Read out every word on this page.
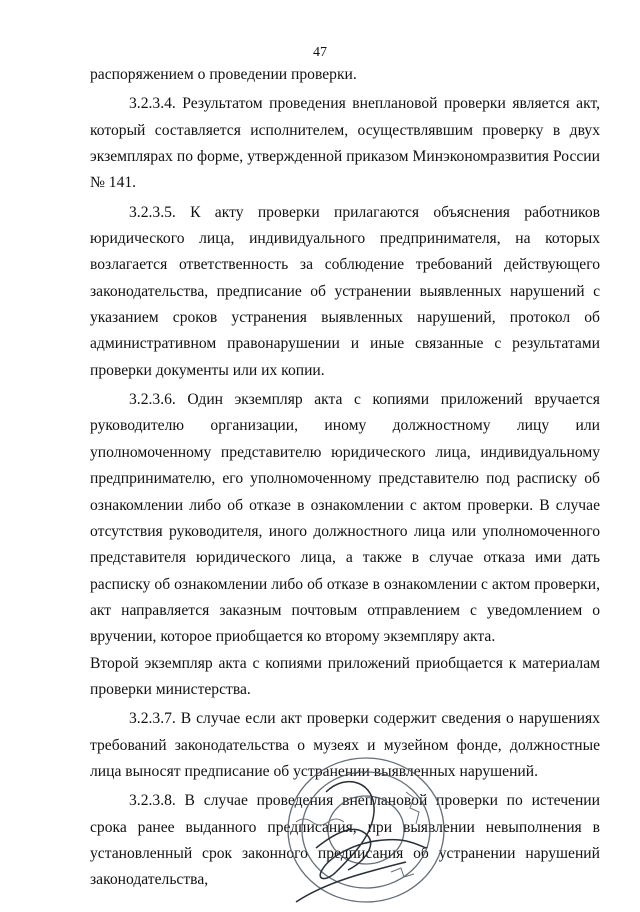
47

распоряжением о проведении проверки.

3.2.3.4. Результатом проведения внеплановой проверки является акт, который составляется исполнителем, осуществлявшим проверку в двух экземплярах по форме, утвержденной приказом Минэкономразвития России № 141.

3.2.3.5. К акту проверки прилагаются объяснения работников юридического лица, индивидуального предпринимателя, на которых возлагается ответственность за соблюдение требований действующего законодательства, предписание об устранении выявленных нарушений с указанием сроков устранения выявленных нарушений, протокол об административном правонарушении и иные связанные с результатами проверки документы или их копии.

3.2.3.6. Один экземпляр акта с копиями приложений вручается руководителю организации, иному должностному лицу или уполномоченному представителю юридического лица, индивидуальному предпринимателю, его уполномоченному представителю под расписку об ознакомлении либо об отказе в ознакомлении с актом проверки. В случае отсутствия руководителя, иного должностного лица или уполномоченного представителя юридического лица, а также в случае отказа ими дать расписку об ознакомлении либо об отказе в ознакомлении с актом проверки, акт направляется заказным почтовым отправлением с уведомлением о вручении, которое приобщается ко второму экземпляру акта.

Второй экземпляр акта с копиями приложений приобщается к материалам проверки министерства.

3.2.3.7. В случае если акт проверки содержит сведения о нарушениях требований законодательства о музеях и музейном фонде, должностные лица выносят предписание об устранении выявленных нарушений.

3.2.3.8. В случае проведения внеплановой проверки по истечении срока ранее выданного предписания, при выявлении невыполнения в установленный срок законного предписания об устранении нарушений законодательства,
